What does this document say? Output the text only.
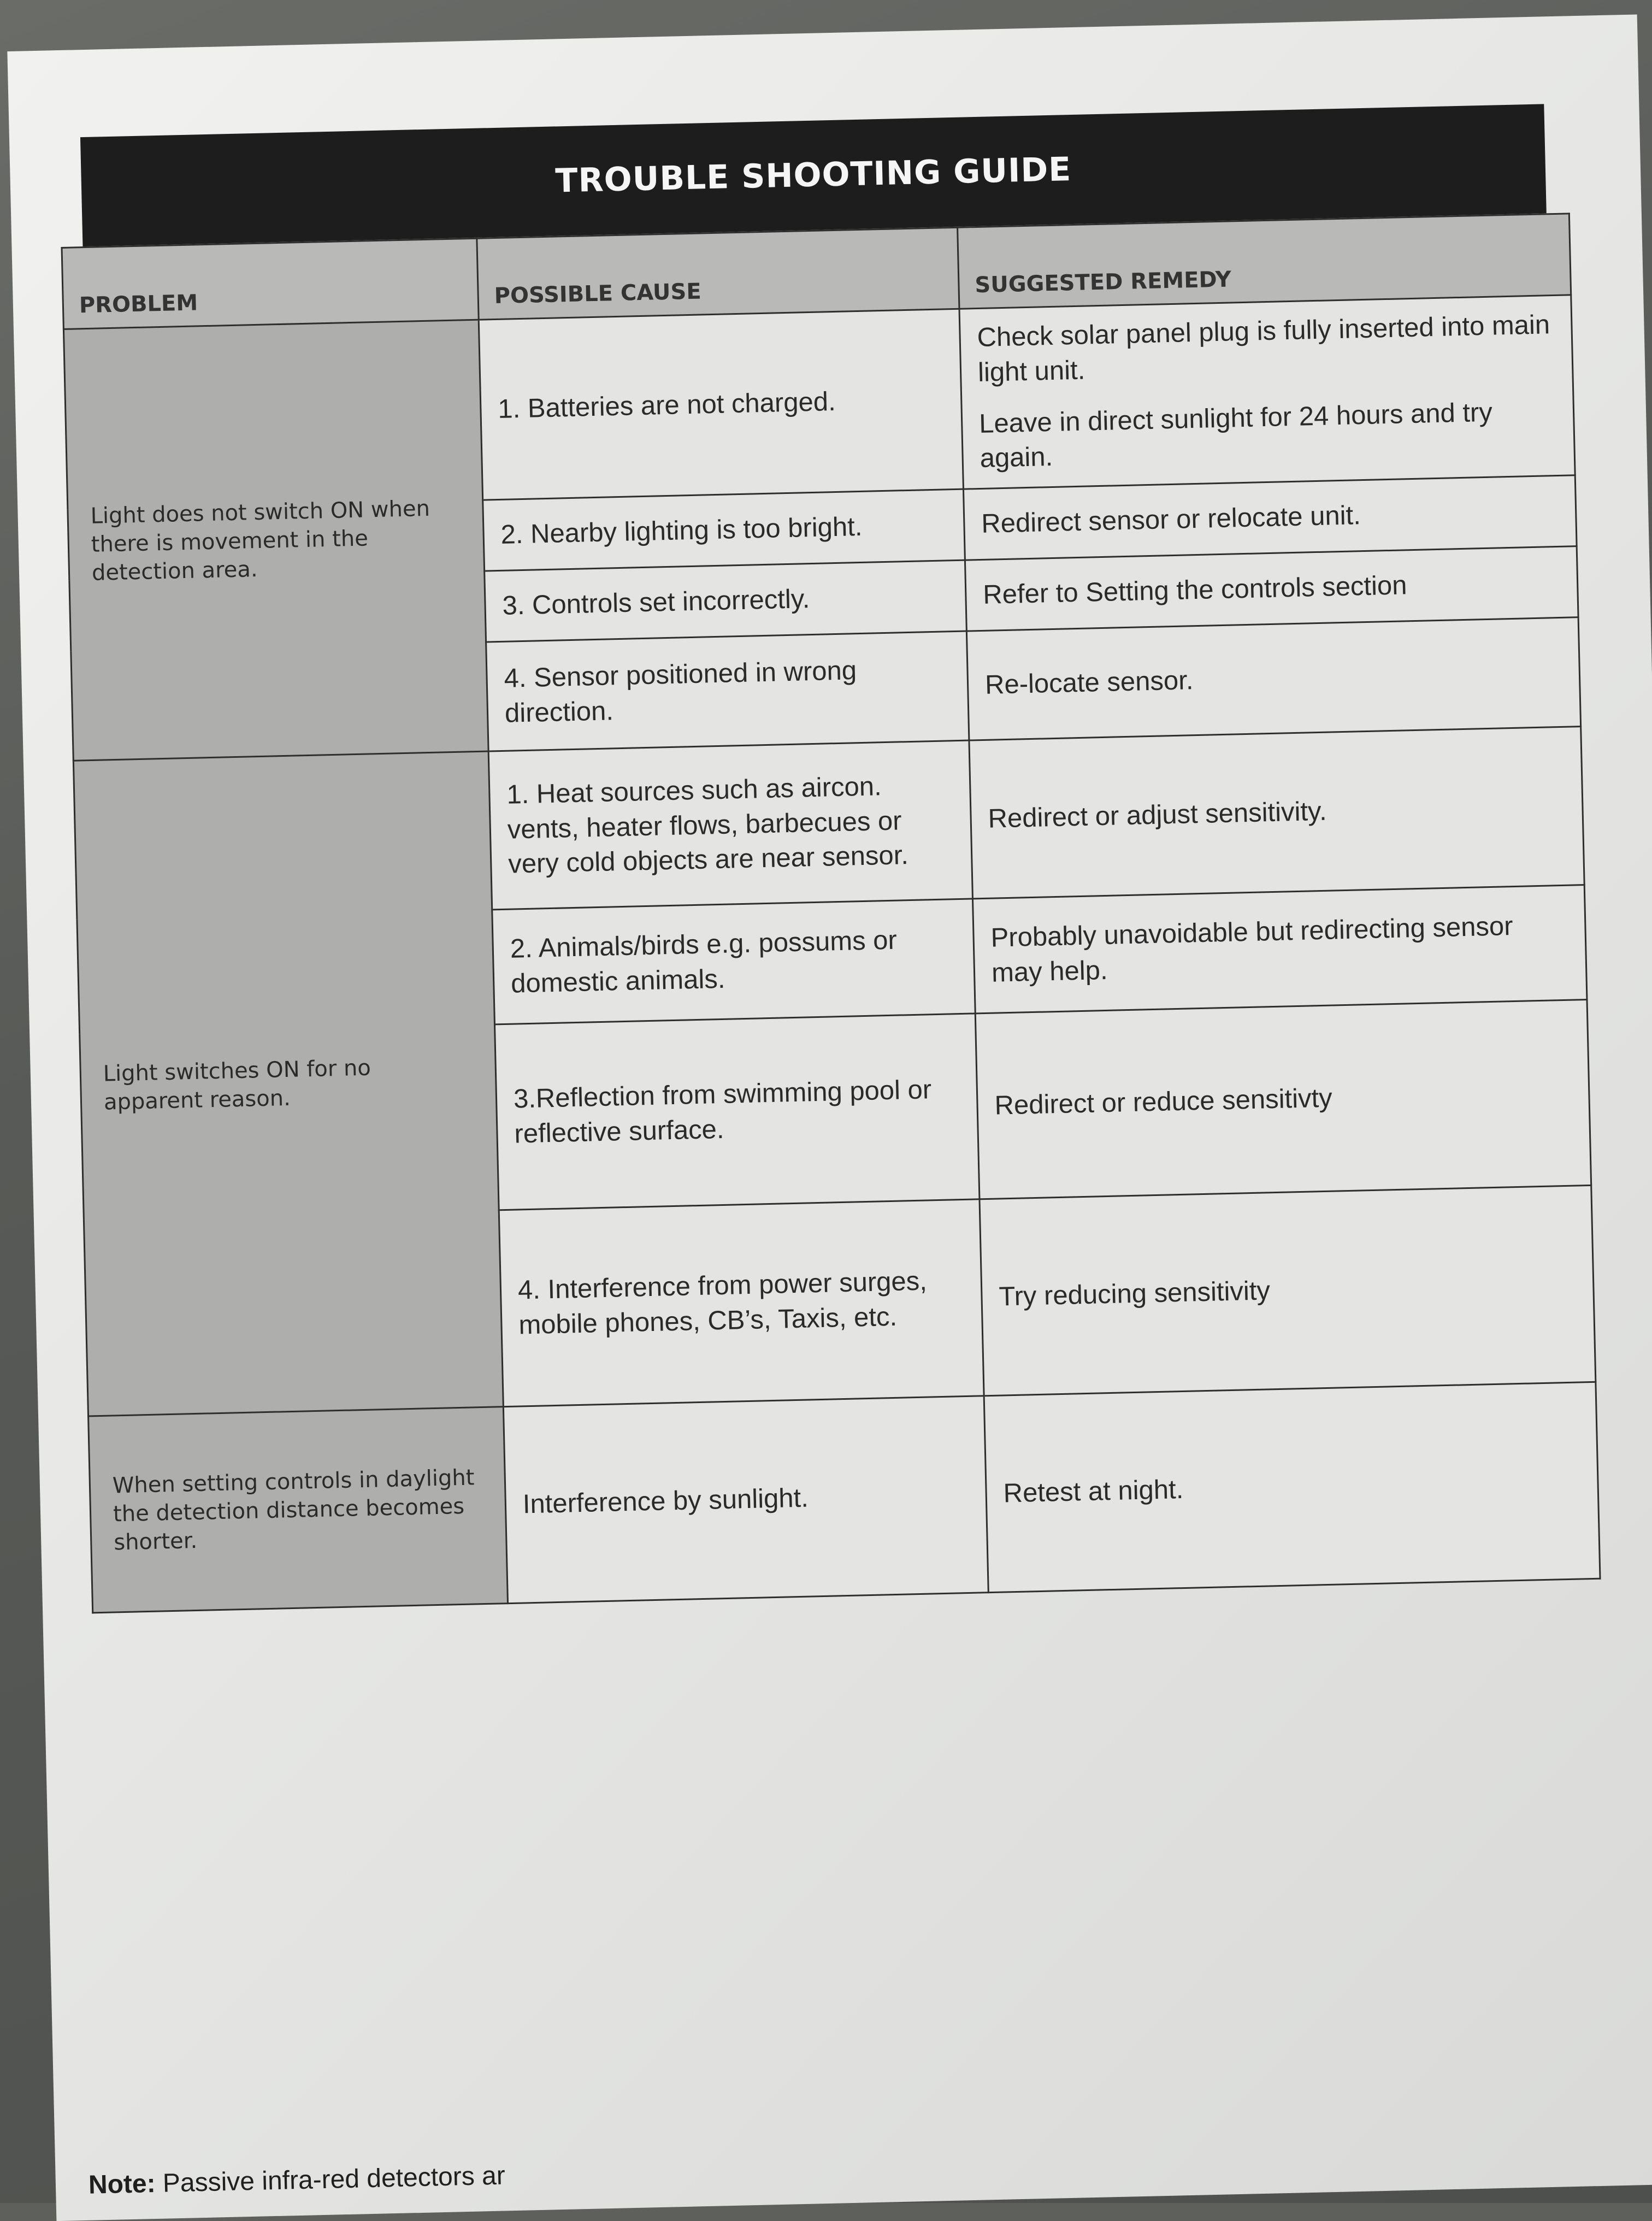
TROUBLE SHOOTING GUIDE
PROBLEM	POSSIBLE CAUSE	SUGGESTED REMEDY
Light does not switch ON when there is movement in the detection area.	1. Batteries are not charged.	Check solar panel plug is fully inserted into main light unit.

Leave in direct sunlight for 24 hours and try again.

	2. Nearby lighting is too bright.	Redirect sensor or relocate unit.

	3. Controls set incorrectly.	Refer to Setting the controls section

	4. Sensor positioned in wrong direction.	Re-locate sensor.

Light switches ON for no apparent reason.	1. Heat sources such as aircon. vents, heater flows, barbecues or very cold objects are near sensor.	Redirect or adjust sensitivity.

	2. Animals/birds e.g. possums or domestic animals.	Probably unavoidable but redirecting sensor may help.

	3.Reflection from swimming pool or reflective surface.	Redirect or reduce sensitivty

	4. Interference from power surges, mobile phones, CB’s, Taxis, etc.	Try reducing sensitivity

When setting controls in daylight the detection distance becomes shorter.	Interference by sunlight.	Retest at night.

Note: Passive infra-red detectors ar
